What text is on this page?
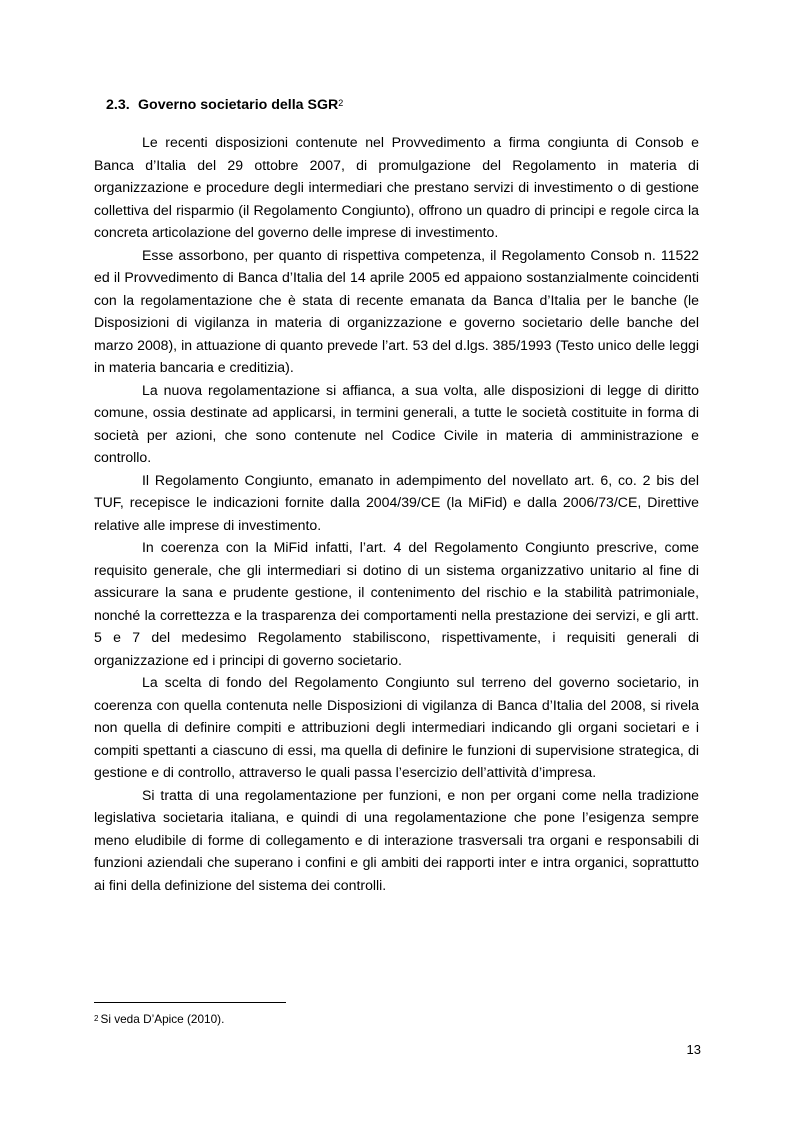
2.3. Governo societario della SGR$^2$

Le recenti disposizioni contenute nel Provvedimento a firma congiunta di Consob e Banca d’Italia del 29 ottobre 2007, di promulgazione del Regolamento in materia di organizzazione e procedure degli intermediari che prestano servizi di investimento o di gestione collettiva del risparmio (il Regolamento Congiunto), offrono un quadro di principi e regole circa la concreta articolazione del governo delle imprese di investimento.

Esse assorbono, per quanto di rispettiva competenza, il Regolamento Consob n. 11522 ed il Provvedimento di Banca d’Italia del 14 aprile 2005 ed appaiono sostanzialmente coincidenti con la regolamentazione che è stata di recente emanata da Banca d’Italia per le banche (le Disposizioni di vigilanza in materia di organizzazione e governo societario delle banche del marzo 2008), in attuazione di quanto prevede l’art. 53 del d.lgs. 385/1993 (Testo unico delle leggi in materia bancaria e creditizia).

La nuova regolamentazione si affianca, a sua volta, alle disposizioni di legge di diritto comune, ossia destinate ad applicarsi, in termini generali, a tutte le società costituite in forma di società per azioni, che sono contenute nel Codice Civile in materia di amministrazione e controllo.

Il Regolamento Congiunto, emanato in adempimento del novellato art. 6, co. 2 bis del TUF, recepisce le indicazioni fornite dalla 2004/39/CE (la MiFid) e dalla 2006/73/CE, Direttive relative alle imprese di investimento.

In coerenza con la MiFid infatti, l’art. 4 del Regolamento Congiunto prescrive, come requisito generale, che gli intermediari si dotino di un sistema organizzativo unitario al fine di assicurare la sana e prudente gestione, il contenimento del rischio e la stabilità patrimoniale, nonché la correttezza e la trasparenza dei comportamenti nella prestazione dei servizi, e gli artt. 5 e 7 del medesimo Regolamento stabiliscono, rispettivamente, i requisiti generali di organizzazione ed i principi di governo societario.

La scelta di fondo del Regolamento Congiunto sul terreno del governo societario, in coerenza con quella contenuta nelle Disposizioni di vigilanza di Banca d’Italia del 2008, si rivela non quella di definire compiti e attribuzioni degli intermediari indicando gli organi societari e i compiti spettanti a ciascuno di essi, ma quella di definire le funzioni di supervisione strategica, di gestione e di controllo, attraverso le quali passa l’esercizio dell’attività d’impresa.

Si tratta di una regolamentazione per funzioni, e non per organi come nella tradizione legislativa societaria italiana, e quindi di una regolamentazione che pone l’esigenza sempre meno eludibile di forme di collegamento e di interazione trasversali tra organi e responsabili di funzioni aziendali che superano i confini e gli ambiti dei rapporti inter e intra organici, soprattutto ai fini della definizione del sistema dei controlli.

$^2$ Si veda D’Apice (2010).
13
